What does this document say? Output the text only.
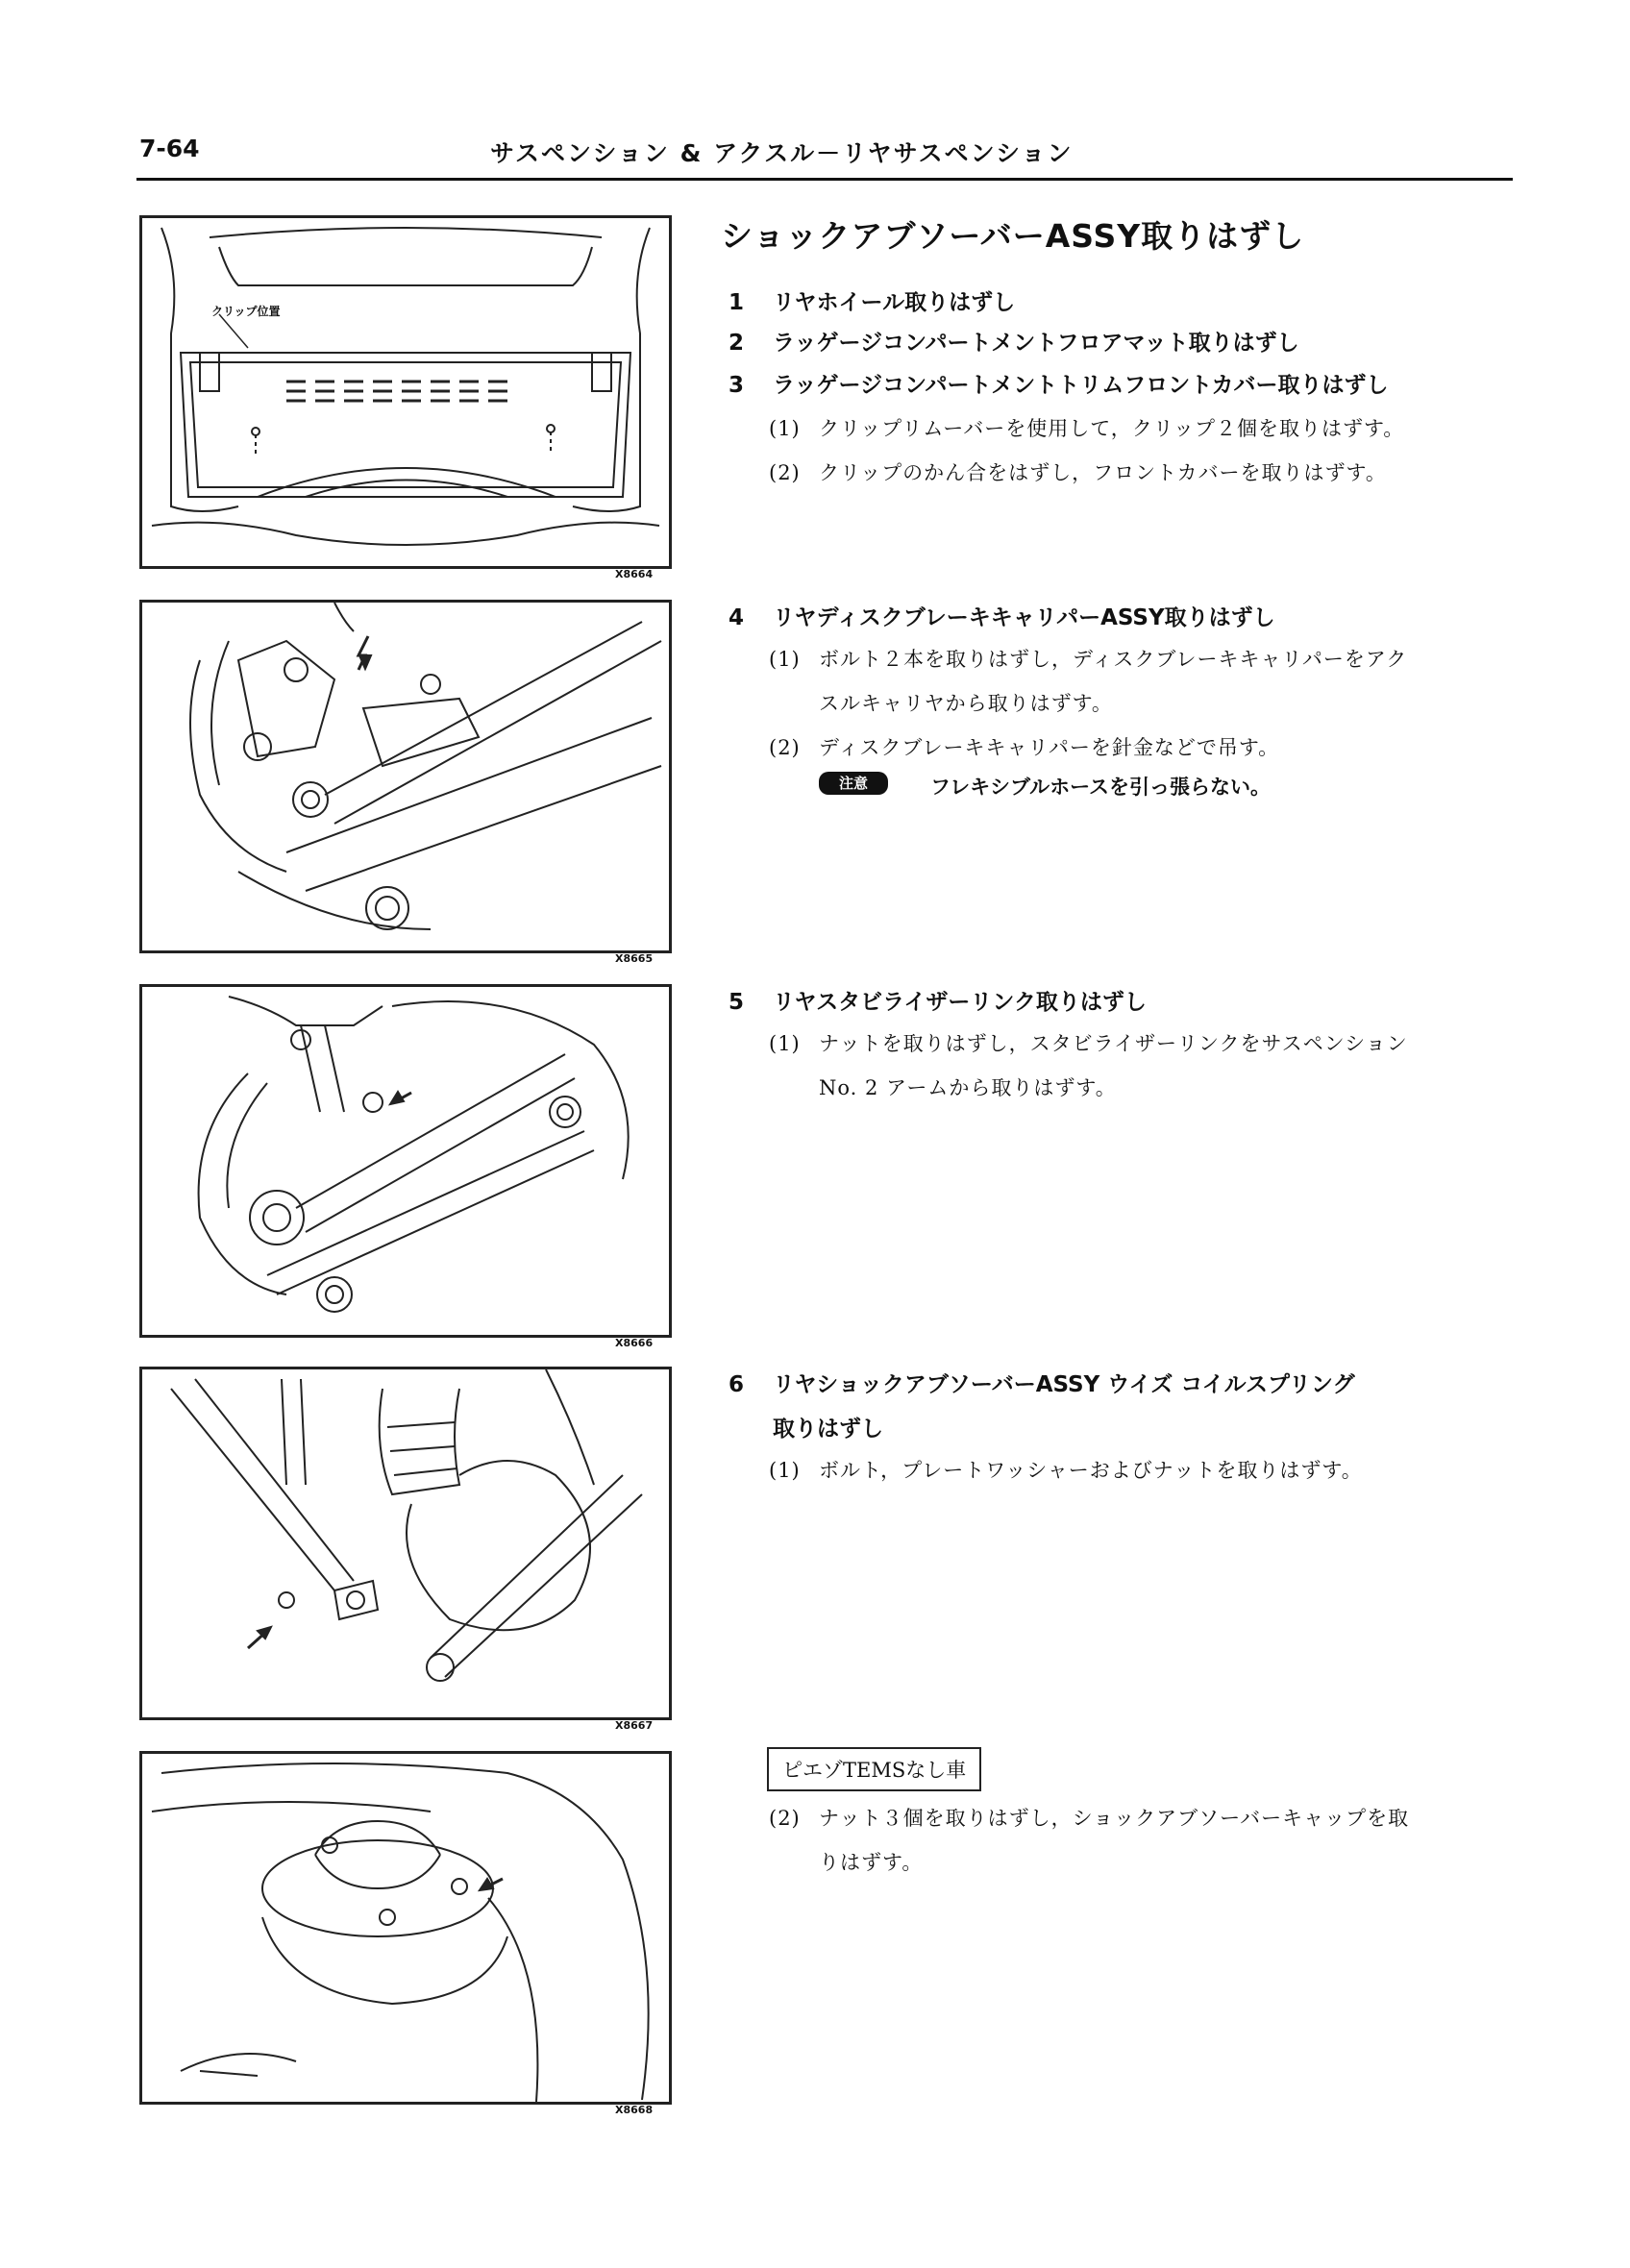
7-64	サスペンション & アクスル－リヤサスペンション
クリップ位置
X8664
X8665
X8666
X8667
X8668
ショックアブソーバーASSY取りはずし
1 リヤホイール取りはずし
2 ラッゲージコンパートメントフロアマット取りはずし
3 ラッゲージコンパートメントトリムフロントカバー取りはずし
(1) クリップリムーバーを使用して，クリップ２個を取りはずす。
(2) クリップのかん合をはずし，フロントカバーを取りはずす。
4 リヤディスクブレーキキャリパーASSY取りはずし
(1) ボルト２本を取りはずし，ディスクブレーキキャリパーをアク
スルキャリヤから取りはずす。
(2) ディスクブレーキキャリパーを針金などで吊す。
注意	フレキシブルホースを引っ張らない。
5 リヤスタビライザーリンク取りはずし
(1) ナットを取りはずし，スタビライザーリンクをサスペンション
No. 2 アームから取りはずす。
6 リヤショックアブソーバーASSY ウイズ コイルスプリング
取りはずし
(1) ボルト，プレートワッシャーおよびナットを取りはずす。
ピエゾTEMSなし車
(2) ナット３個を取りはずし，ショックアブソーバーキャップを取
りはずす。
